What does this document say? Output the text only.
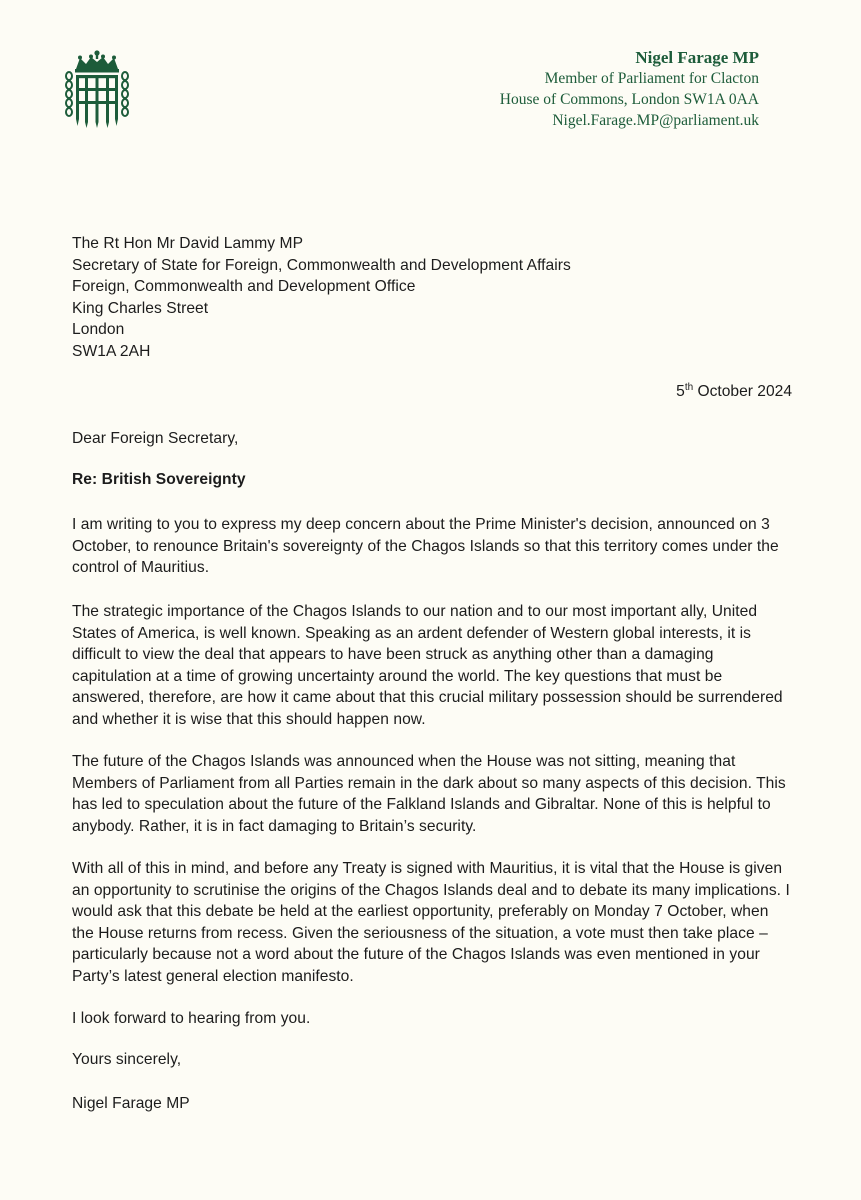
Nigel Farage MP
Member of Parliament for Clacton
House of Commons, London SW1A 0AA
Nigel.Farage.MP@parliament.uk
The Rt Hon Mr David Lammy MP
Secretary of State for Foreign, Commonwealth and Development Affairs
Foreign, Commonwealth and Development Office
King Charles Street
London
SW1A 2AH
5th October 2024
Dear Foreign Secretary,
Re: British Sovereignty

I am writing to you to express my deep concern about the Prime Minister's decision, announced on 3 October, to renounce Britain's sovereignty of the Chagos Islands so that this territory comes under the control of Mauritius.

The strategic importance of the Chagos Islands to our nation and to our most important ally, United States of America, is well known. Speaking as an ardent defender of Western global interests, it is difficult to view the deal that appears to have been struck as anything other than a damaging capitulation at a time of growing uncertainty around the world. The key questions that must be answered, therefore, are how it came about that this crucial military possession should be surrendered and whether it is wise that this should happen now.

The future of the Chagos Islands was announced when the House was not sitting, meaning that Members of Parliament from all Parties remain in the dark about so many aspects of this decision. This has led to speculation about the future of the Falkland Islands and Gibraltar. None of this is helpful to anybody. Rather, it is in fact damaging to Britain’s security.

With all of this in mind, and before any Treaty is signed with Mauritius, it is vital that the House is given an opportunity to scrutinise the origins of the Chagos Islands deal and to debate its many implications. I would ask that this debate be held at the earliest opportunity, preferably on Monday 7 October, when the House returns from recess. Given the seriousness of the situation, a vote must then take place – particularly because not a word about the future of the Chagos Islands was even mentioned in your Party’s latest general election manifesto.

I look forward to hearing from you.
Yours sincerely,
Nigel Farage MP
